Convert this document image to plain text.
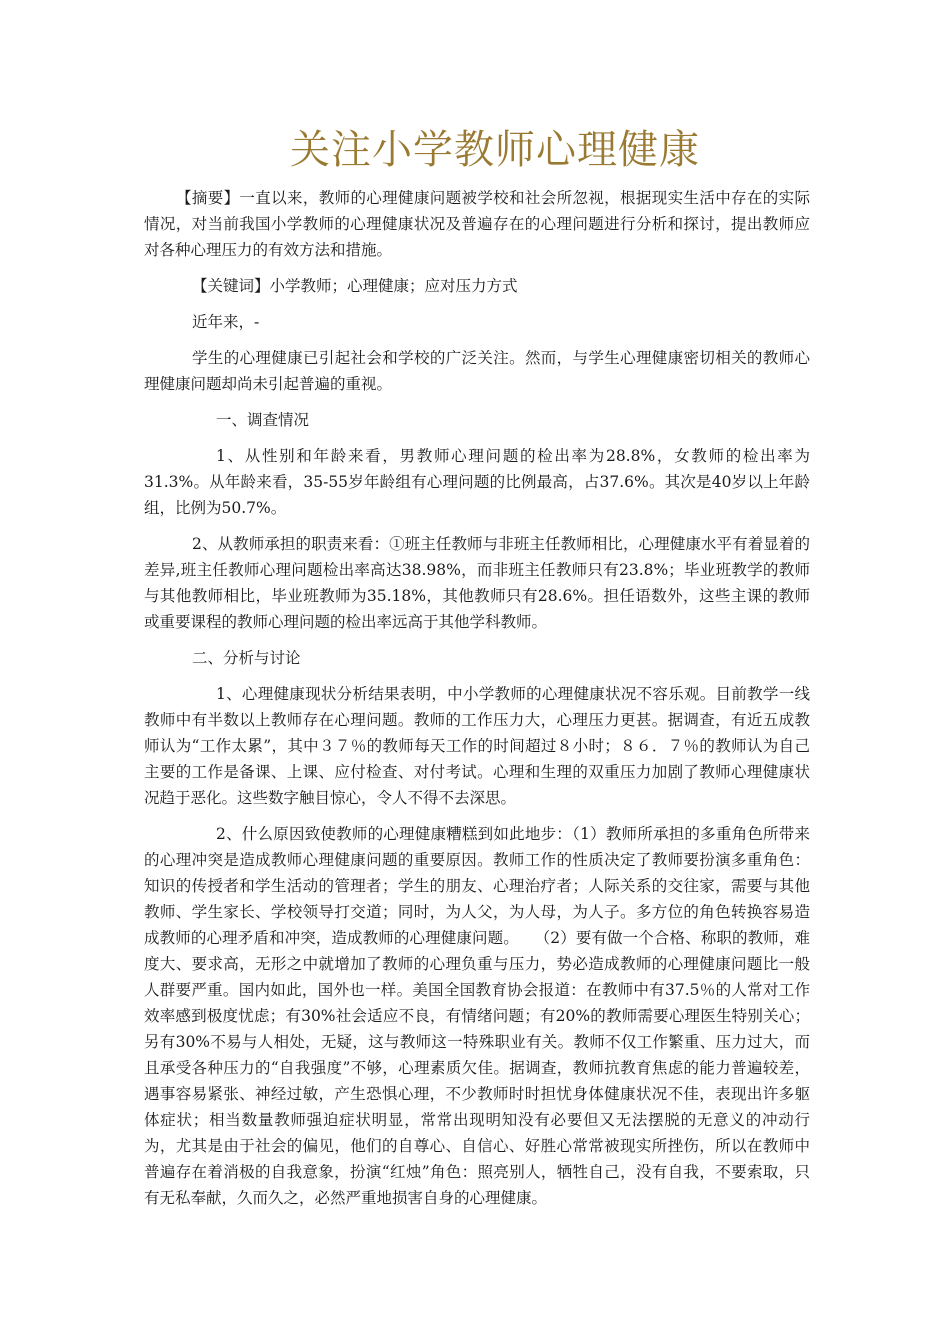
关注小学教师心理健康

【摘要】一直以来，教师的心理健康问题被学校和社会所忽视，根据现实生活中存在的实际情况，对当前我国小学教师的心理健康状况及普遍存在的心理问题进行分析和探讨，提出教师应对各种心理压力的有效方法和措施。

【关键词】小学教师；心理健康；应对压力方式

近年来，-

学生的心理健康已引起社会和学校的广泛关注。然而，与学生心理健康密切相关的教师心理健康问题却尚未引起普遍的重视。

一、调查情况

1、从性别和年龄来看，男教师心理问题的检出率为28.8%，女教师的检出率为31.3%。从年龄来看，35-55岁年龄组有心理问题的比例最高，占37.6%。其次是40岁以上年龄组，比例为50.7%。

2、从教师承担的职责来看：①班主任教师与非班主任教师相比，心理健康水平有着显着的差异,班主任教师心理问题检出率高达38.98%，而非班主任教师只有23.8%；毕业班教学的教师与其他教师相比，毕业班教师为35.18%，其他教师只有28.6%。担任语数外，这些主课的教师或重要课程的教师心理问题的检出率远高于其他学科教师。

二、分析与讨论

1、心理健康现状分析结果表明，中小学教师的心理健康状况不容乐观。目前教学一线教师中有半数以上教师存在心理问题。教师的工作压力大，心理压力更甚。据调查，有近五成教师认为“工作太累”，其中３７％的教师每天工作的时间超过８小时；８６．７％的教师认为自己主要的工作是备课、上课、应付检查、对付考试。心理和生理的双重压力加剧了教师心理健康状况趋于恶化。这些数字触目惊心，令人不得不去深思。

2、什么原因致使教师的心理健康糟糕到如此地步：（1）教师所承担的多重角色所带来的心理冲突是造成教师心理健康问题的重要原因。教师工作的性质决定了教师要扮演多重角色：知识的传授者和学生活动的管理者；学生的朋友、心理治疗者；人际关系的交往家，需要与其他教师、学生家长、学校领导打交道；同时，为人父，为人母，为人子。多方位的角色转换容易造成教师的心理矛盾和冲突，造成教师的心理健康问题。　　（2）要有做一个合格、称职的教师，难度大、要求高，无形之中就增加了教师的心理负重与压力，势必造成教师的心理健康问题比一般人群要严重。国内如此，国外也一样。美国全国教育协会报道：在教师中有37.5％的人常对工作效率感到极度忧虑；有30%社会适应不良，有情绪问题；有20%的教师需要心理医生特别关心；另有30%不易与人相处，无疑，这与教师这一特殊职业有关。教师不仅工作繁重、压力过大，而且承受各种压力的“自我强度”不够，心理素质欠佳。据调查，教师抗教育焦虑的能力普遍较差，遇事容易紧张、神经过敏，产生恐惧心理，不少教师时时担忧身体健康状况不佳，表现出许多躯体症状；相当数量教师强迫症状明显，常常出现明知没有必要但又无法摆脱的无意义的冲动行为，尤其是由于社会的偏见，他们的自尊心、自信心、好胜心常常被现实所挫伤，所以在教师中普遍存在着消极的自我意象，扮演“红烛”角色：照亮别人，牺牲自己，没有自我，不要索取，只有无私奉献，久而久之，必然严重地损害自身的心理健康。
